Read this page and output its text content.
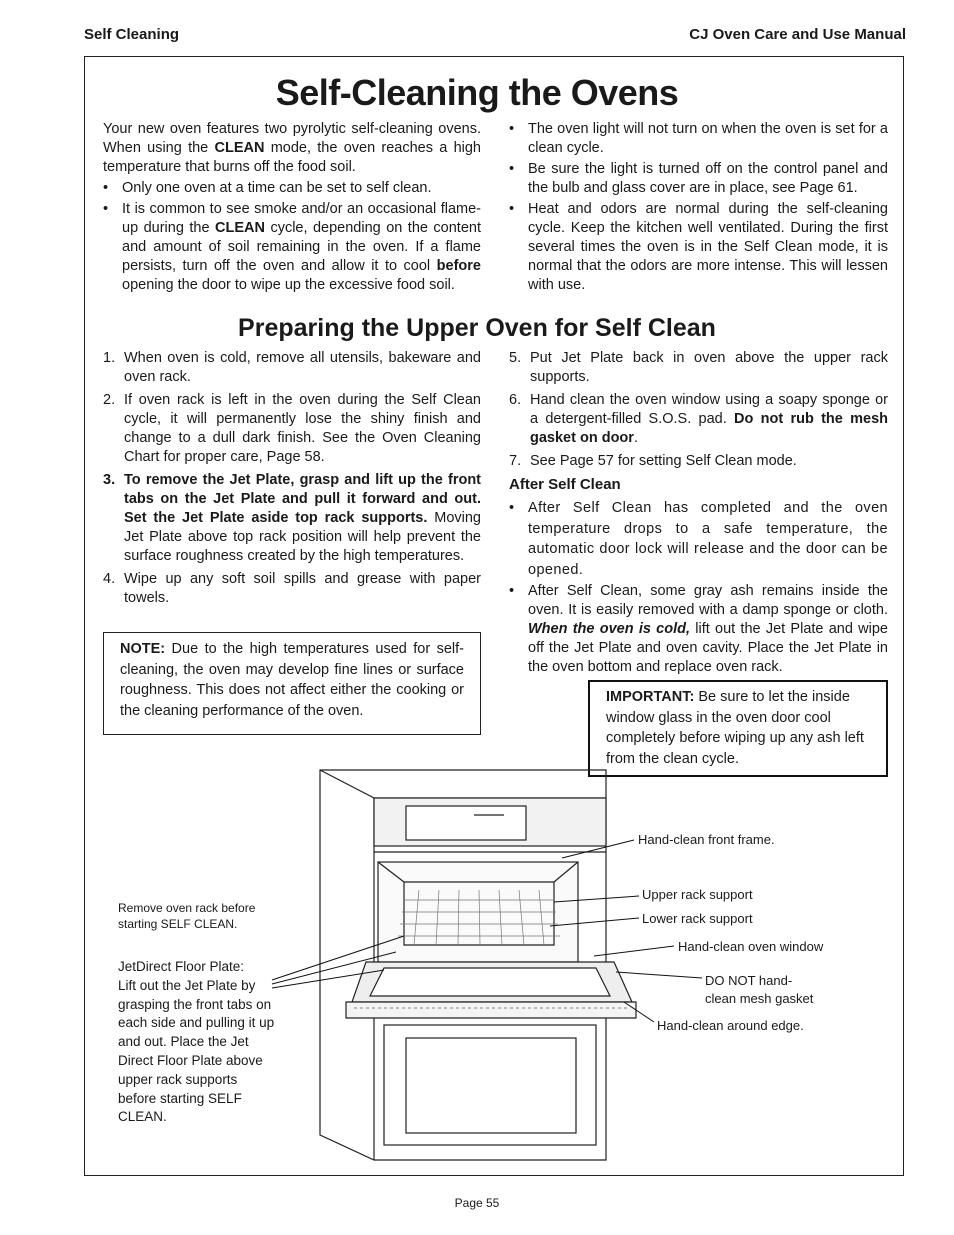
Self Cleaning	CJ Oven Care and Use Manual
Self-Cleaning the Ovens

Your new oven features two pyrolytic self-cleaning ovens. When using the CLEAN mode, the oven reaches a high temperature that burns off the food soil.

• Only one oven at a time can be set to self clean.

• It is common to see smoke and/or an occasional flame-up during the CLEAN cycle, depending on the content and amount of soil remaining in the oven. If a flame persists, turn off the oven and allow it to cool before opening the door to wipe up the excessive food soil.

• The oven light will not turn on when the oven is set for a clean cycle.

• Be sure the light is turned off on the control panel and the bulb and glass cover are in place, see Page 61.

• Heat and odors are normal during the self-cleaning cycle. Keep the kitchen well ventilated. During the first several times the oven is in the Self Clean mode, it is normal that the odors are more intense. This will lessen with use.

Preparing the Upper Oven for Self Clean
1. When oven is cold, remove all utensils, bakeware and oven rack.
2. If oven rack is left in the oven during the Self Clean cycle, it will permanently lose the shiny finish and change to a dull dark finish. See the Oven Cleaning Chart for proper care, Page 58.
3. To remove the Jet Plate, grasp and lift up the front tabs on the Jet Plate and pull it forward and out. Set the Jet Plate aside top rack supports. Moving Jet Plate above top rack position will help prevent the surface roughness created by the high temperatures.
4. Wipe up any soft soil spills and grease with paper towels.
NOTE: Due to the high temperatures used for self-cleaning, the oven may develop fine lines or surface roughness. This does not affect either the cooking or the cleaning performance of the oven.
5. Put Jet Plate back in oven above the upper rack supports.
6. Hand clean the oven window using a soapy sponge or a detergent-filled S.O.S. pad. Do not rub the mesh gasket on door.
7. See Page 57 for setting Self Clean mode.
After Self Clean

• After Self Clean has completed and the oven temperature drops to a safe temperature, the automatic door lock will release and the door can be opened.

• After Self Clean, some gray ash remains inside the oven. It is easily removed with a damp sponge or cloth. When the oven is cold, lift out the Jet Plate and wipe off the Jet Plate and oven cavity. Place the Jet Plate in the oven bottom and replace oven rack.

IMPORTANT: Be sure to let the inside window glass in the oven door cool completely before wiping up any ash left from the clean cycle.
Hand-clean front frame.
Upper rack support
Lower rack support
Hand-clean oven window
DO NOT hand-
clean mesh gasket
Hand-clean around edge.
Remove oven rack before
starting SELF CLEAN.
JetDirect Floor Plate:
Lift out the Jet Plate by
grasping the front tabs on
each side and pulling it up
and out. Place the Jet
Direct Floor Plate above
upper rack supports
before starting SELF
CLEAN.
Page 55
